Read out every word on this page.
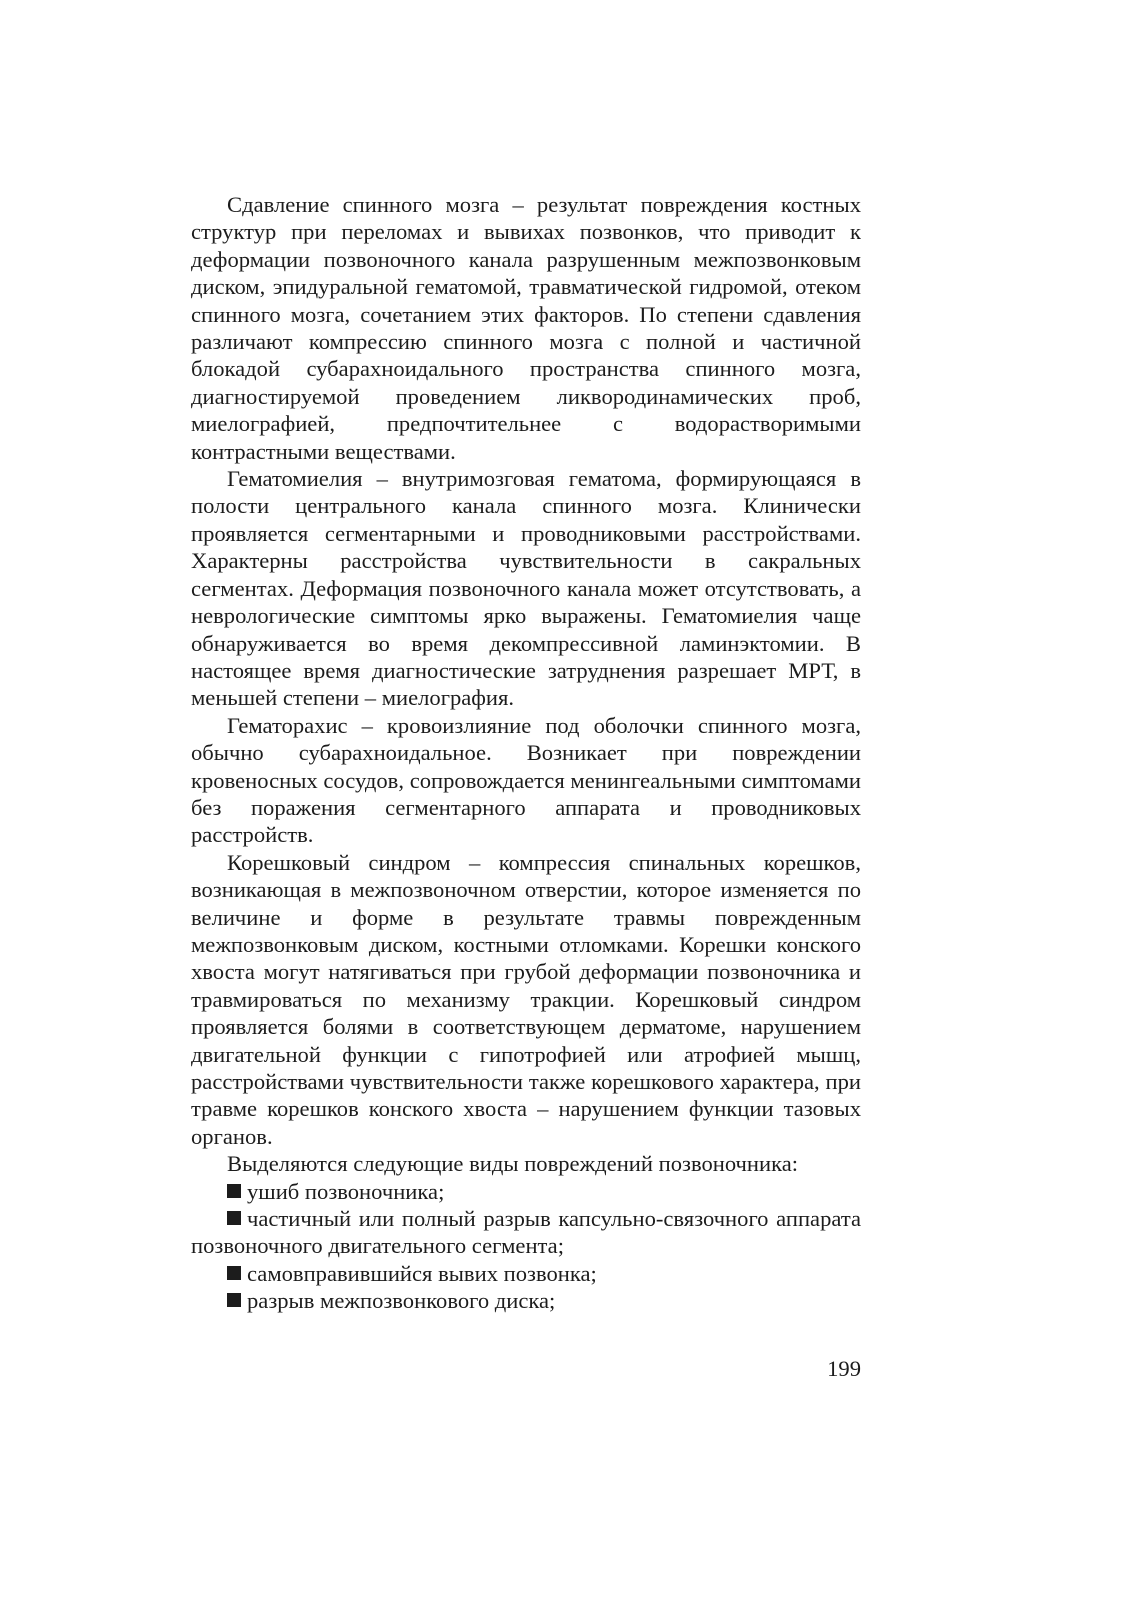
Сдавление спинного мозга – результат повреждения костных структур при переломах и вывихах позвонков, что приводит к деформации позвоночного канала разрушенным межпозвонковым диском, эпидуральной гематомой, травматической гидромой, отеком спинного мозга, сочетанием этих факторов. По степени сдавления различают компрессию спинного мозга с полной и частичной блокадой субарахноидального пространства спинного мозга, диагностируемой проведением ликвородинамических проб, миелографией, предпочтительнее с водорастворимыми контрастными веществами.

Гематомиелия – внутримозговая гематома, формирующаяся в полости центрального канала спинного мозга. Клинически проявляется сегментарными и проводниковыми расстройствами. Характерны расстройства чувствительности в сакральных сегментах. Деформация позвоночного канала может отсутствовать, а неврологические симптомы ярко выражены. Гематомиелия чаще обнаруживается во время декомпрессивной ламинэктомии. В настоящее время диагностические затруднения разрешает МРТ, в меньшей степени – миелография.

Гематорахис – кровоизлияние под оболочки спинного мозга, обычно субарахноидальное. Возникает при повреждении кровеносных сосудов, сопровождается менингеальными симптомами без поражения сегментарного аппарата и проводниковых расстройств.

Корешковый синдром – компрессия спинальных корешков, возникающая в межпозвоночном отверстии, которое изменяется по величине и форме в результате травмы поврежденным межпозвонковым диском, костными отломками. Корешки конского хвоста могут натягиваться при грубой деформации позвоночника и травмироваться по механизму тракции. Корешковый синдром проявляется болями в соответствующем дерматоме, нарушением двигательной функции с гипотрофией или атрофией мышц, расстройствами чувствительности также корешкового характера, при травме корешков конского хвоста – нарушением функции тазовых органов.

Выделяются следующие виды повреждений позвоночника:

ушиб позвоночника;
частичный или полный разрыв капсульно-связочного аппарата позвоночного двигательного сегмента;
самовправившийся вывих позвонка;
разрыв межпозвонкового диска;
199
